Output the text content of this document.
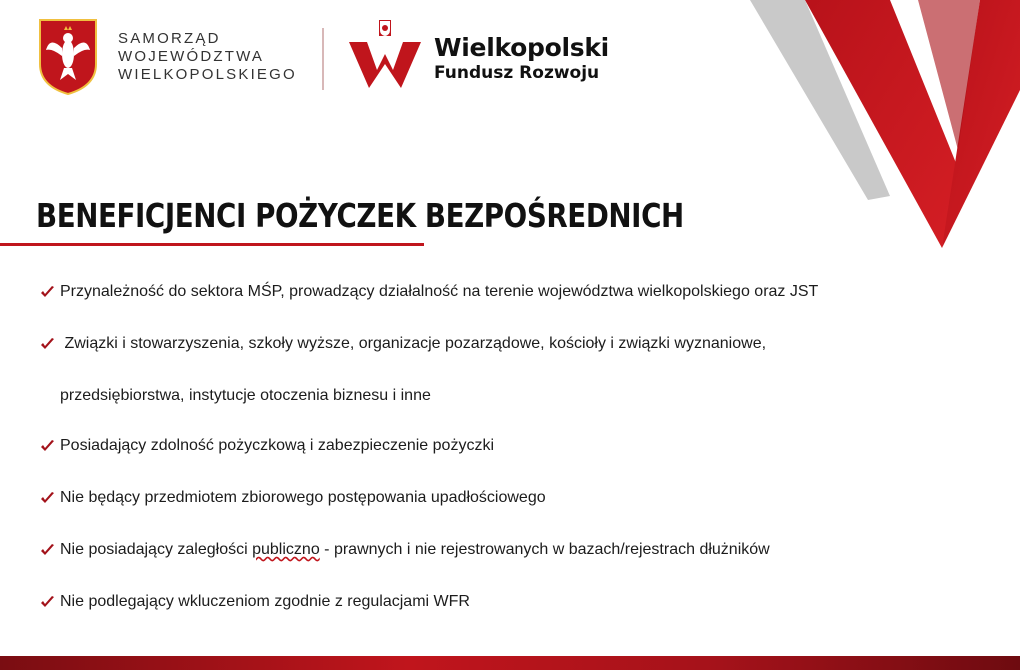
SAMORZĄD
WOJEWÓDZTWA
WIELKOPOLSKIEGO
Wielkopolski
Fundusz Rozwoju
BENEFICJENCI POŻYCZEK BEZPOŚREDNICH
Przynależność do sektora MŚP, prowadzący działalność na terenie województwa wielkopolskiego oraz JST
Związki i stowarzyszenia, szkoły wyższe, organizacje pozarządowe, kościoły i związki wyznaniowe,
przedsiębiorstwa, instytucje otoczenia biznesu i inne
Posiadający zdolność pożyczkową i zabezpieczenie pożyczki
Nie będący przedmiotem zbiorowego postępowania upadłościowego
Nie posiadający zaległości publiczno - prawnych i nie rejestrowanych w bazach/rejestrach dłużników
Nie podlegający wkluczeniom zgodnie z regulacjami WFR
